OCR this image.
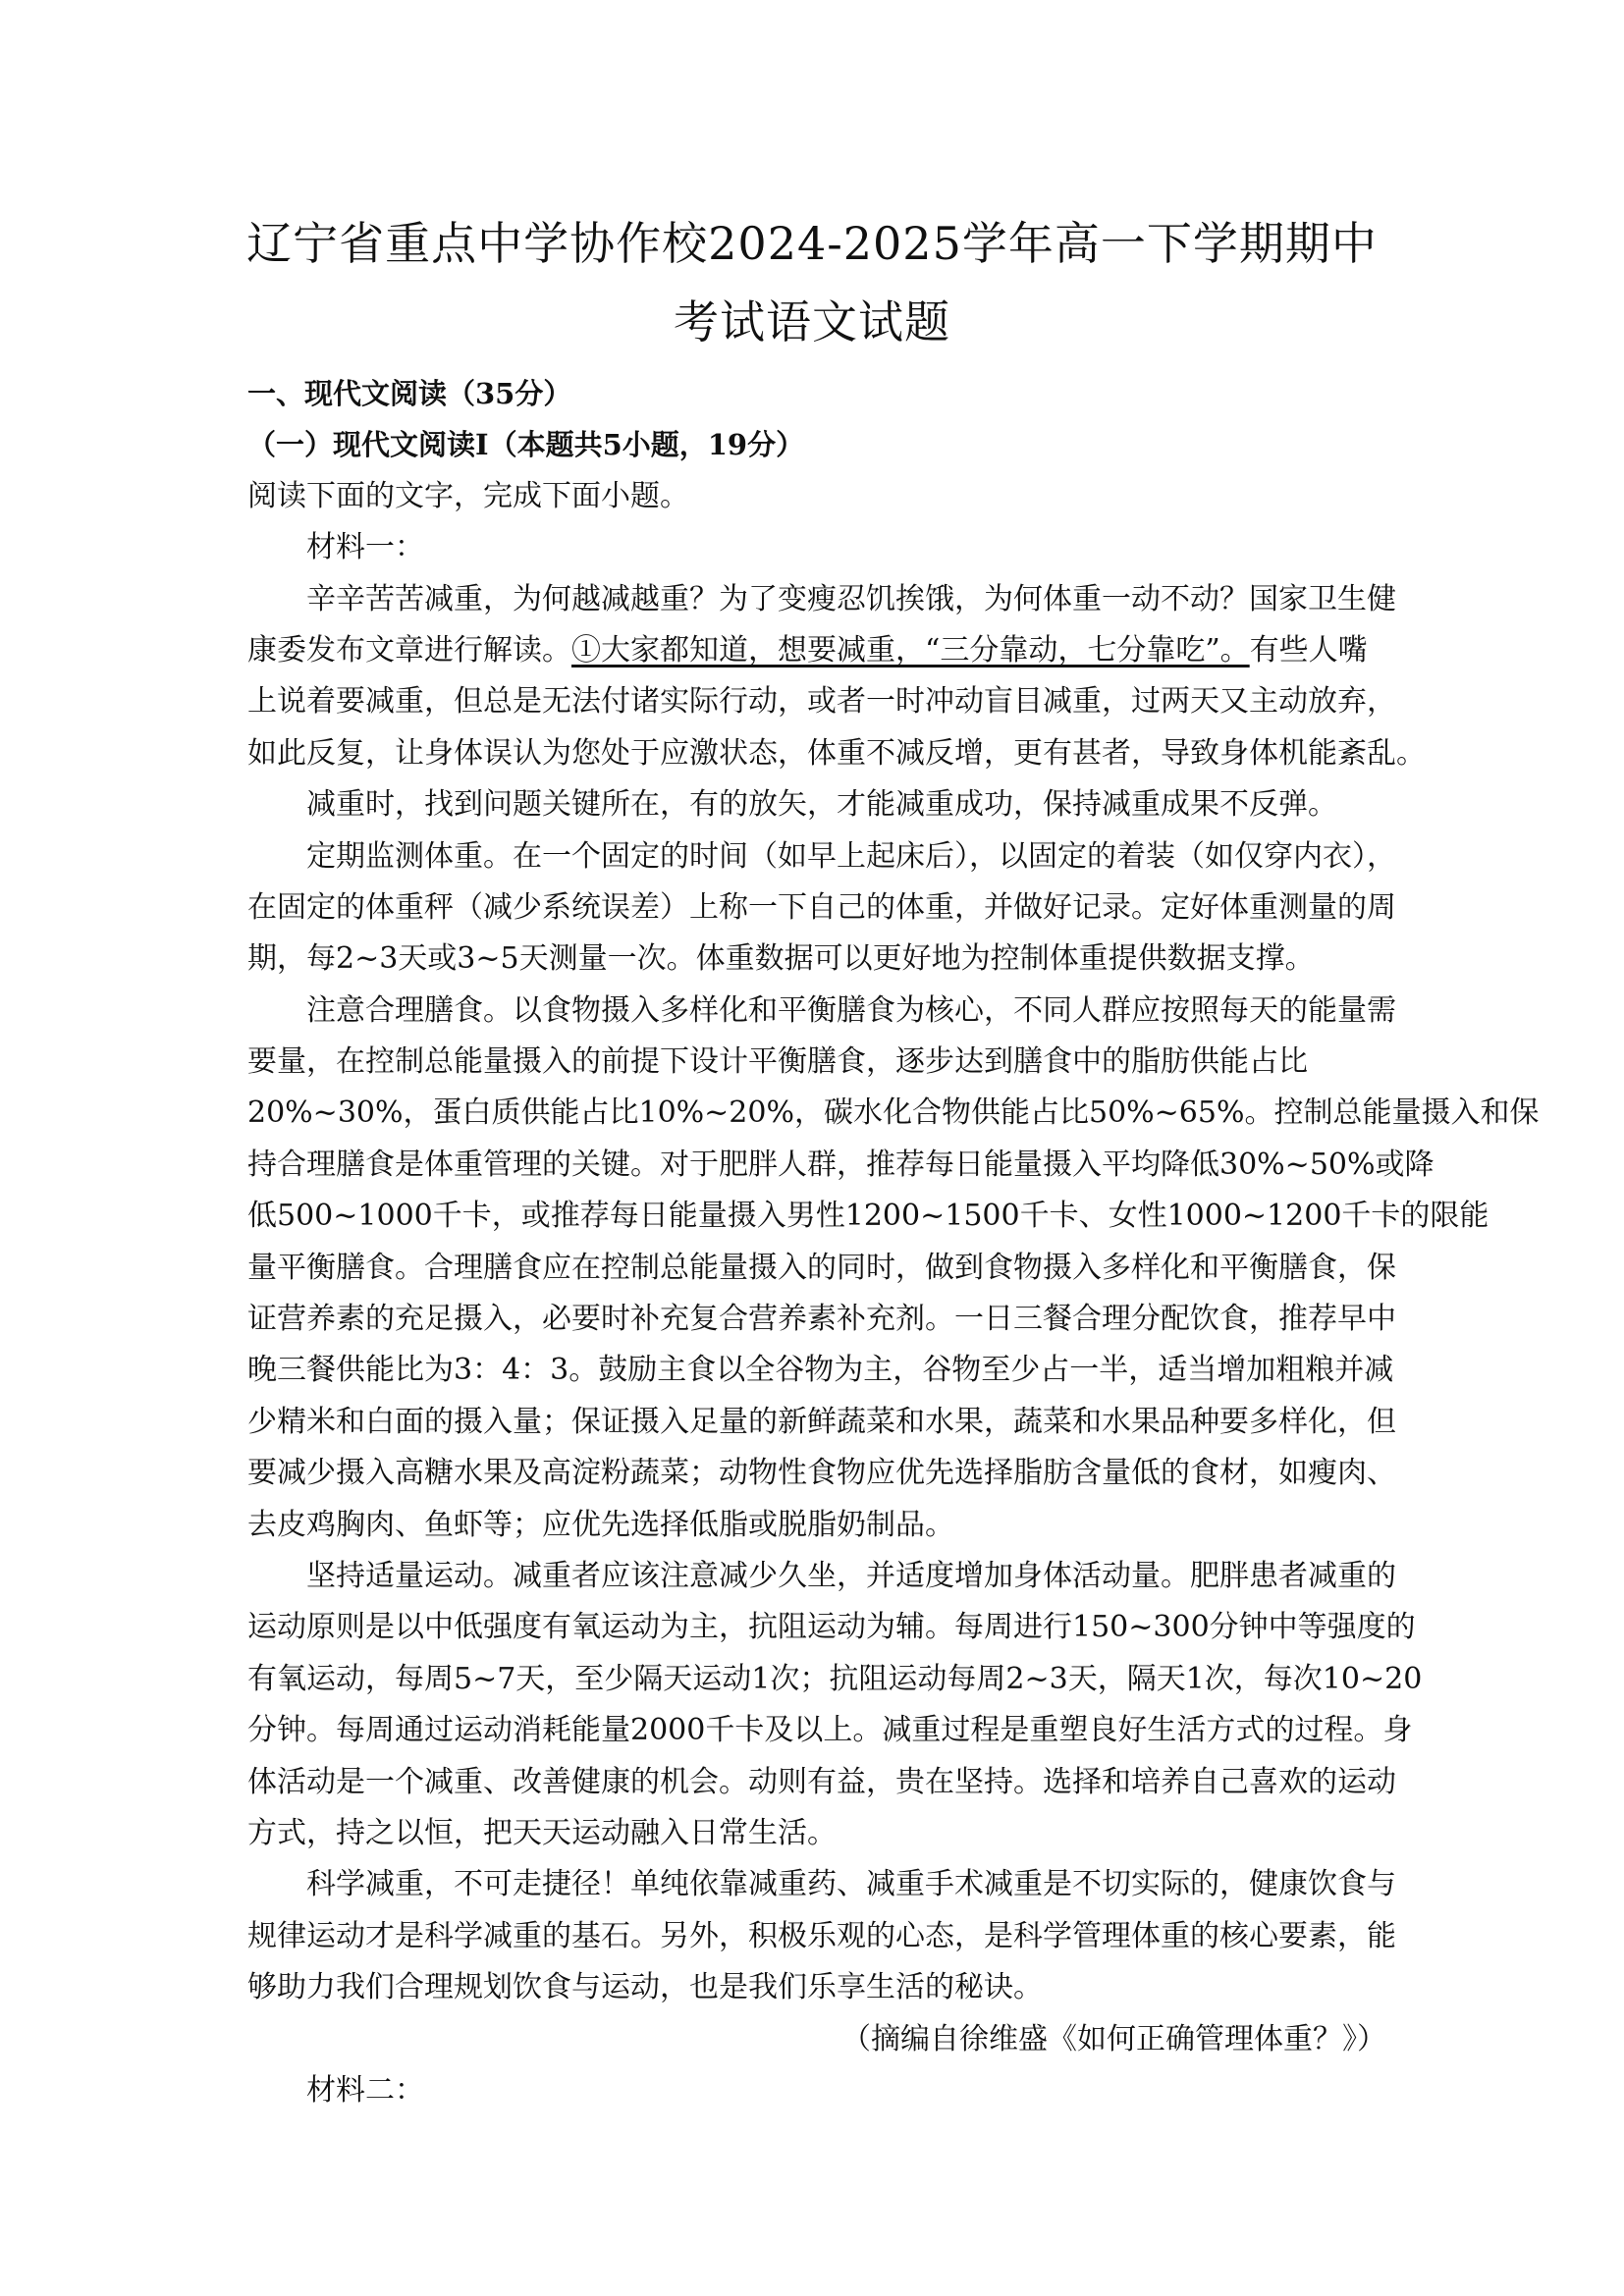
辽宁省重点中学协作校2024-2025学年高一下学期期中
考试语文试题
一、现代文阅读（35分）
（一）现代文阅读Ⅰ（本题共5小题，19分）
阅读下面的文字，完成下面小题。
材料一：
辛辛苦苦减重，为何越减越重？为了变瘦忍饥挨饿，为何体重一动不动？国家卫生健
康委发布文章进行解读。①大家都知道，想要减重，“三分靠动，七分靠吃”。有些人嘴
上说着要减重，但总是无法付诸实际行动，或者一时冲动盲目减重，过两天又主动放弃，
如此反复，让身体误认为您处于应激状态，体重不减反增，更有甚者，导致身体机能紊乱。
减重时，找到问题关键所在，有的放矢，才能减重成功，保持减重成果不反弹。
定期监测体重。在一个固定的时间（如早上起床后），以固定的着装（如仅穿内衣），
在固定的体重秤（减少系统误差）上称一下自己的体重，并做好记录。定好体重测量的周
期，每2~3天或3~5天测量一次。体重数据可以更好地为控制体重提供数据支撑。
注意合理膳食。以食物摄入多样化和平衡膳食为核心，不同人群应按照每天的能量需
要量，在控制总能量摄入的前提下设计平衡膳食，逐步达到膳食中的脂肪供能占比
20%~30%，蛋白质供能占比10%~20%，碳水化合物供能占比50%~65%。控制总能量摄入和保
持合理膳食是体重管理的关键。对于肥胖人群，推荐每日能量摄入平均降低30%~50%或降
低500~1000千卡，或推荐每日能量摄入男性1200~1500千卡、女性1000~1200千卡的限能
量平衡膳食。合理膳食应在控制总能量摄入的同时，做到食物摄入多样化和平衡膳食，保
证营养素的充足摄入，必要时补充复合营养素补充剂。一日三餐合理分配饮食，推荐早中
晚三餐供能比为3：4：3。鼓励主食以全谷物为主，谷物至少占一半，适当增加粗粮并减
少精米和白面的摄入量；保证摄入足量的新鲜蔬菜和水果，蔬菜和水果品种要多样化，但
要减少摄入高糖水果及高淀粉蔬菜；动物性食物应优先选择脂肪含量低的食材，如瘦肉、
去皮鸡胸肉、鱼虾等；应优先选择低脂或脱脂奶制品。
坚持适量运动。减重者应该注意减少久坐，并适度增加身体活动量。肥胖患者减重的
运动原则是以中低强度有氧运动为主，抗阻运动为辅。每周进行150~300分钟中等强度的
有氧运动，每周5~7天，至少隔天运动1次；抗阻运动每周2~3天，隔天1次，每次10~20
分钟。每周通过运动消耗能量2000千卡及以上。减重过程是重塑良好生活方式的过程。身
体活动是一个减重、改善健康的机会。动则有益，贵在坚持。选择和培养自己喜欢的运动
方式，持之以恒，把天天运动融入日常生活。
科学减重，不可走捷径！单纯依靠减重药、减重手术减重是不切实际的，健康饮食与
规律运动才是科学减重的基石。另外，积极乐观的心态，是科学管理体重的核心要素，能
够助力我们合理规划饮食与运动，也是我们乐享生活的秘诀。
（摘编自徐维盛《如何正确管理体重？》）
材料二：
